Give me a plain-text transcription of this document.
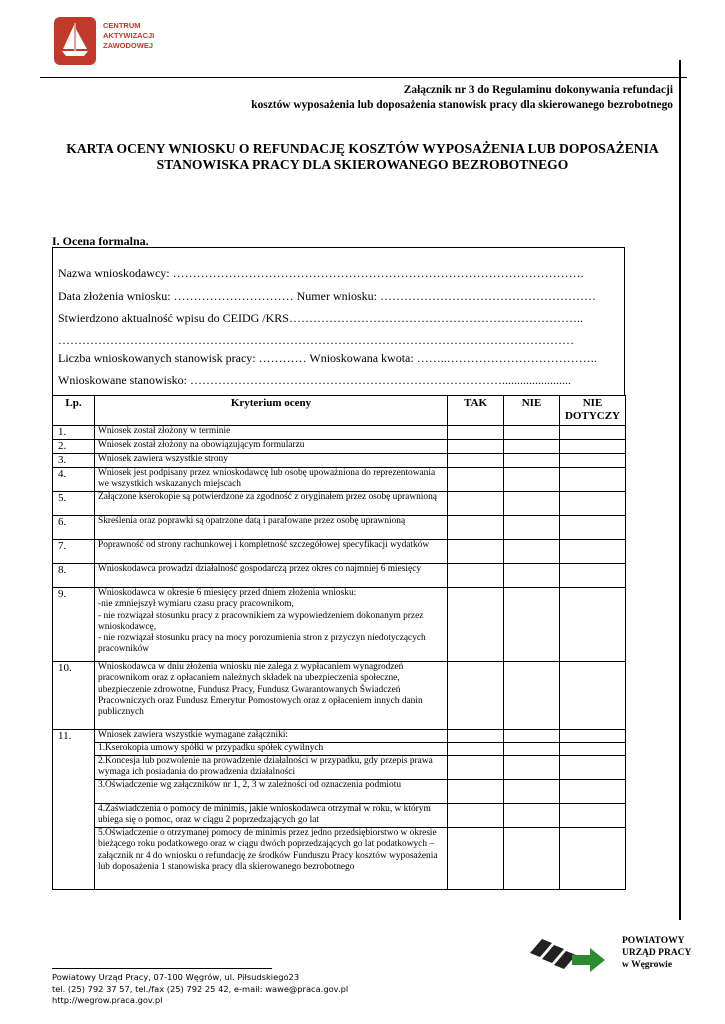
CENTRUM
AKTYWIZACJI
ZAWODOWEJ
Załącznik nr 3 do Regulaminu dokonywania refundacji
kosztów wyposażenia lub doposażenia stanowisk pracy dla skierowanego bezrobotnego
KARTA OCENY WNIOSKU O REFUNDACJĘ KOSZTÓW WYPOSAŻENIA LUB DOPOSAŻENIA
STANOWISKA PRACY DLA SKIEROWANEGO BEZROBOTNEGO
I. Ocena formalna.
Nazwa wnioskodawcy: ………………………………………………………………………………………….
Data złożenia wniosku: ………………………… Numer wniosku: ………………………………………………
Stwierdzono aktualność wpisu do CEIDG /KRS………………………………………………………………..
…………………………………………………………………………………………………………………
Liczba wnioskowanych stanowisk pracy: ………… Wnioskowana kwota: ……..………………………………..
Wnioskowane stanowisko: …………………………………………………………………….......................
Lp.	Kryterium oceny	TAK	NIE	NIE
DOTYCZY

1.	Wniosek został złożony w terminie			
2.	Wniosek został złożony na obowiązującym formularzu			
3.	Wniosek zawiera wszystkie strony			
4.	Wniosek jest podpisany przez wnioskodawcę lub osobę upoważniona do reprezentowania we wszystkich wskazanych miejscach			
5.	Załączone kserokopie są potwierdzone za zgodność z oryginałem przez osobę uprawnioną			
6.	Skreślenia oraz poprawki są opatrzone datą i parafowane przez osobę uprawnioną			
7.	Poprawność od strony rachunkowej i kompletność szczegółowej specyfikacji wydatków			
8.	Wnioskodawca prowadzi działalność gospodarczą przez okres co najmniej 6 miesięcy			
9.	Wnioskodawca w okresie 6 miesięcy przed dniem złożenia wniosku:
-nie zmniejszył wymiaru czasu pracy pracownikom,
- nie rozwiązał stosunku pracy z pracownikiem za wypowiedzeniem dokonanym przez wnioskodawcę,
- nie rozwiązał stosunku pracy na mocy porozumienia stron z przyczyn niedotyczących pracowników			
10.	Wnioskodawca w dniu złożenia wniosku nie zalega z wypłacaniem wynagrodzeń pracownikom oraz z opłacaniem należnych składek na ubezpieczenia społeczne, ubezpieczenie zdrowotne, Fundusz Pracy, Fundusz Gwarantowanych Świadczeń Pracowniczych oraz Fundusz Emerytur Pomostowych oraz z opłaceniem innych danin publicznych			
11.	Wniosek zawiera wszystkie wymagane załączniki:			
	1.Kserokopia umowy spółki w przypadku spółek cywilnych			
	2.Koncesja lub pozwolenie na prowadzenie działalności w przypadku, gdy przepis prawa wymaga ich posiadania do prowadzenia działalności			
	3.Oświadczenie wg załączników nr 1, 2, 3 w zależności od oznaczenia podmiotu			
	4.Zaświadczenia o pomocy de minimis, jakie wnioskodawca otrzymał w roku, w którym ubiega się o pomoc, oraz w ciągu 2 poprzedzających go lat			
	5.Oświadczenie o otrzymanej pomocy de minimis przez jedno przedsiębiorstwo w okresie bieżącego roku podatkowego oraz w ciągu dwóch poprzedzających go lat podatkowych – załącznik nr 4 do wniosku o refundację ze środków Funduszu Pracy kosztów wyposażenia lub doposażenia 1 stanowiska pracy dla skierowanego bezrobotnego			
POWIATOWY
URZĄD PRACY
w Węgrowie
Powiatowy Urząd Pracy, 07-100 Węgrów, ul. Piłsudskiego23
tel. (25) 792 37 57, tel./fax (25) 792 25 42, e-mail: wawe@praca.gov.pl
http://wegrow.praca.gov.pl
